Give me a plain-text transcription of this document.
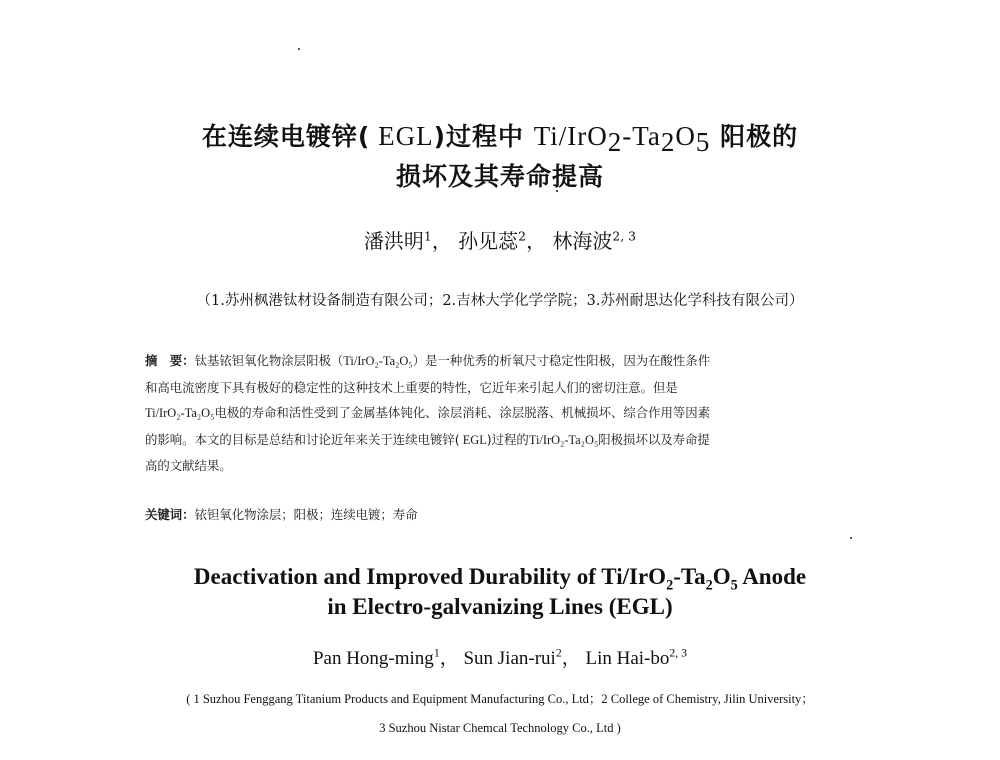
在连续电镀锌( EGL)过程中 $Ti/IrO_2-Ta_2O_5$ 阳极的
损坏及其寿命提高
潘洪明$^1$， 孙见蕊$^2$， 林海波$^{2, 3}$
（1.苏州枫港钛材设备制造有限公司；2.吉林大学化学学院；3.苏州耐思达化学科技有限公司）
摘　要：钛基铱钽氧化物涂层阳极（Ti/IrO₂-Ta₂O₅）是一种优秀的析氧尺寸稳定性阳极，因为在酸性条件
和高电流密度下具有极好的稳定性的这种技术上重要的特性，它近年来引起人们的密切注意。但是
Ti/IrO₂-Ta₂O₅电极的寿命和活性受到了金属基体钝化、涂层消耗、涂层脱落、机械损坏、综合作用等因素
的影响。本文的目标是总结和讨论近年来关于连续电镀锌( EGL)过程的Ti/IrO₂-Ta₂O₅阳极损坏以及寿命提
高的文献结果。
关键词：铱钽氧化物涂层；阳极；连续电镀；寿命
Deactivation and Improved Durability of $Ti/IrO_2-Ta_2O_5$ Anode
in Electro-galvanizing Lines (EGL)
Pan Hong-ming$^1$， Sun Jian-rui$^2$， Lin Hai-bo$^{2, 3}$
( 1 Suzhou Fenggang Titanium Products and Equipment Manufacturing Co., Ltd；2 College of Chemistry, Jilin University；
3 Suzhou Nistar Chemcal Technology Co., Ltd )
